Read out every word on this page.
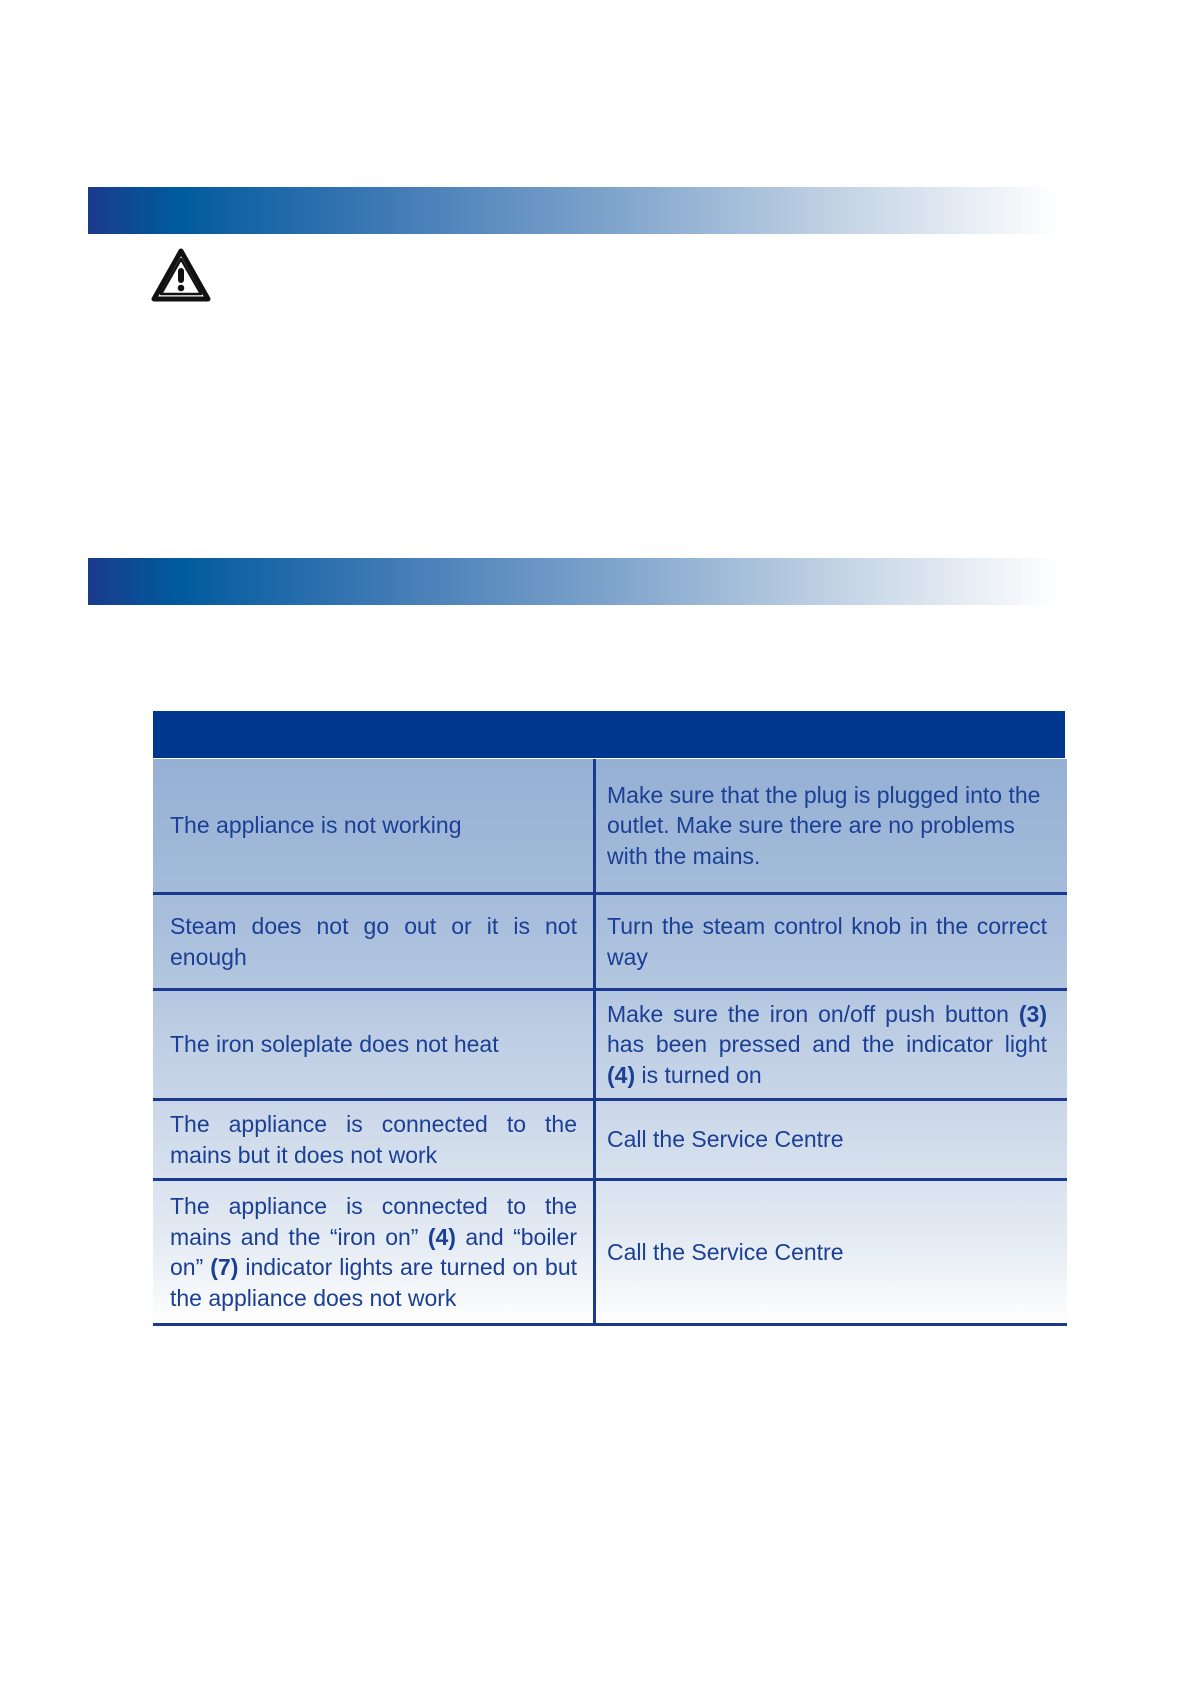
The appliance is not working
Make sure that the plug is plugged into the outlet. Make sure there are no problems with the mains.
Steam does not go out or it is not enough
Turn the steam control knob in the correct way
The iron soleplate does not heat
Make sure the iron on/off push button (3) has been pressed and the indicator light (4) is turned on
The appliance is connected to the mains but it does not work
Call the Service Centre
The appliance is connected to the mains and the “iron on” (4) and “boiler on” (7) indicator lights are turned on but the appliance does not work
Call the Service Centre
